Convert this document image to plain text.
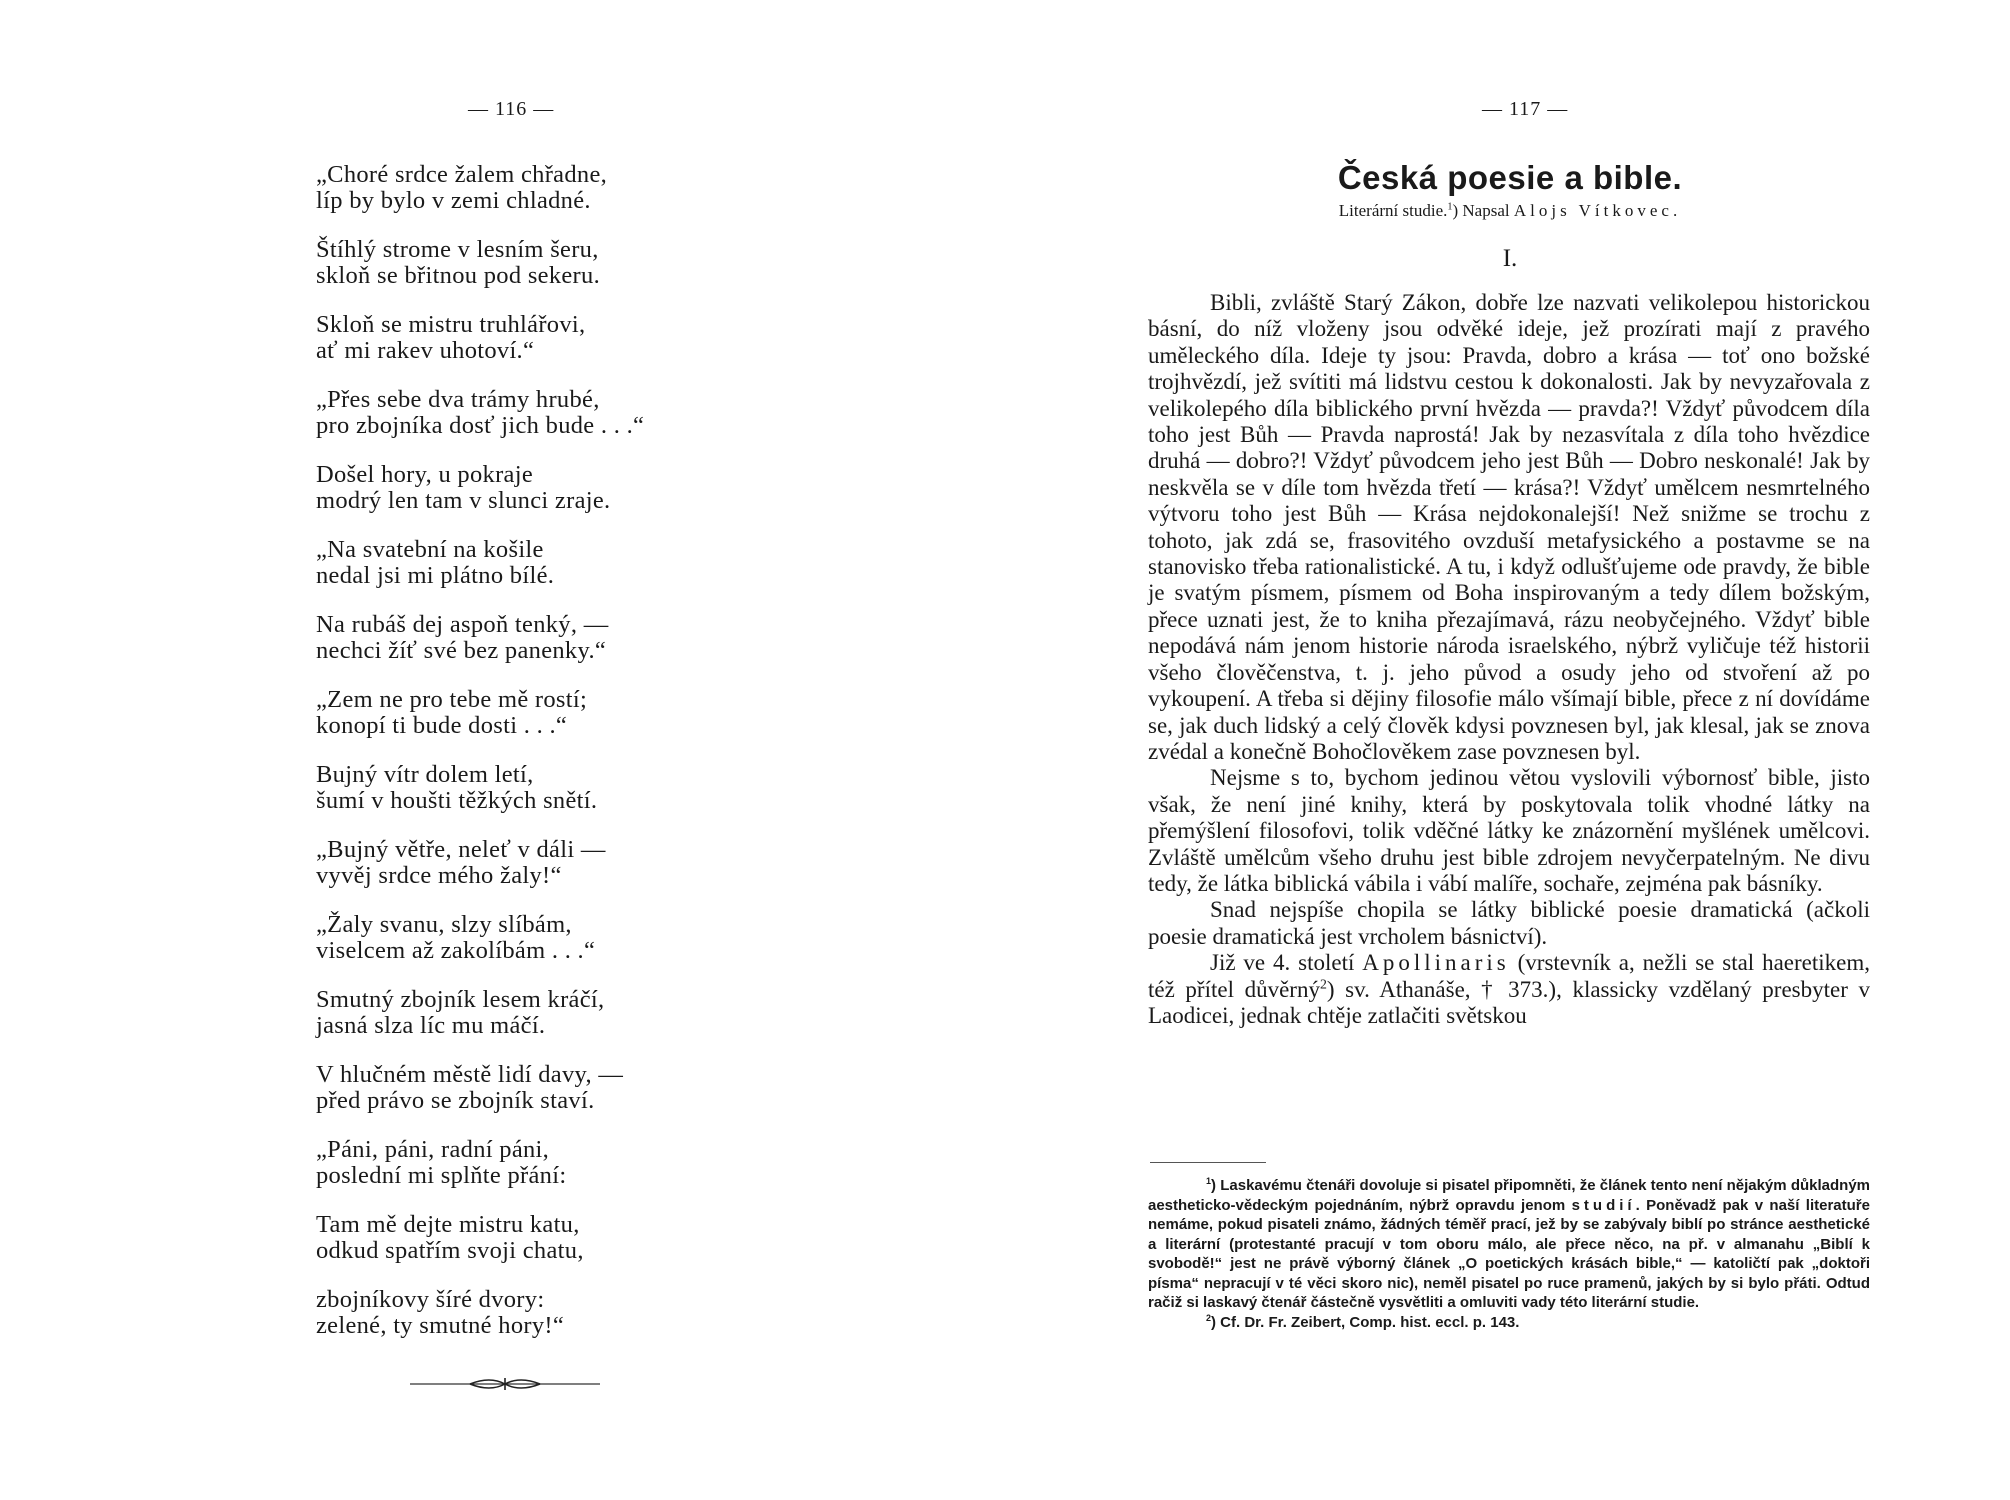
— 116 —
„Choré srdce žalem chřadne,
líp by bylo v zemi chladné.
Štíhlý strome v lesním šeru,
skloň se břitnou pod sekeru.
Skloň se mistru truhlářovi,
ať mi rakev uhotoví.“
„Přes sebe dva trámy hrubé,
pro zbojníka dosť jich bude . . .“
Došel hory, u pokraje
modrý len tam v slunci zraje.
„Na svatební na košile
nedal jsi mi plátno bílé.
Na rubáš dej aspoň tenký, —
nechci žíť své bez panenky.“
„Zem ne pro tebe mě rostí;
konopí ti bude dosti . . .“
Bujný vítr dolem letí,
šumí v houšti těžkých snětí.
„Bujný větře, neleť v dáli —
vyvěj srdce mého žaly!“
„Žaly svanu, slzy slíbám,
viselcem až zakolíbám . . .“
Smutný zbojník lesem kráčí,
jasná slza líc mu máčí.
V hlučném městě lidí davy, —
před právo se zbojník staví.
„Páni, páni, radní páni,
poslední mi splňte přání:
Tam mě dejte mistru katu,
odkud spatřím svoji chatu,
zbojníkovy šíré dvory:
zelené, ty smutné hory!“
— 117 —
Česká poesie a bible.
Literární studie.$^1$) Napsal Alojs Vítkovec.
I.

Bibli, zvláště Starý Zákon, dobře lze nazvati velikolepou historickou básní, do níž vloženy jsou odvěké ideje, jež prozírati mají z pravého uměleckého díla. Ideje ty jsou: Pravda, dobro a krása — toť ono božské trojhvězdí, jež svítiti má lidstvu cestou k dokonalosti. Jak by nevyzařovala z velikolepého díla biblického první hvězda — pravda?! Vždyť původcem díla toho jest Bůh — Pravda naprostá! Jak by nezasvítala z díla toho hvězdice druhá — dobro?! Vždyť původcem jeho jest Bůh — Dobro neskonalé! Jak by neskvěla se v díle tom hvězda třetí — krása?! Vždyť umělcem nesmrtelného výtvoru toho jest Bůh — Krása nejdokonalejší! Než snižme se trochu z tohoto, jak zdá se, frasovitého ovzduší metafysického a postavme se na stanovisko třeba rationalistické. A tu, i když odlušťujeme ode pravdy, že bible je svatým písmem, písmem od Boha inspirovaným a tedy dílem božským, přece uznati jest, že to kniha přezajímavá, rázu neobyčejného. Vždyť bible nepodává nám jenom historie národa israelského, nýbrž vyličuje též historii všeho člověčenstva, t. j. jeho původ a osudy jeho od stvoření až po vykoupení. A třeba si dějiny filosofie málo všímají bible, přece z ní dovídáme se, jak duch lidský a celý člověk kdysi povznesen byl, jak klesal, jak se znova zvédal a konečně Bohočlověkem zase povznesen byl.

Nejsme s to, bychom jedinou větou vyslovili výbornosť bible, jisto však, že není jiné knihy, která by poskytovala tolik vhodné látky na přemýšlení filosofovi, tolik vděčné látky ke znázornění myšlének umělcovi. Zvláště umělcům všeho druhu jest bible zdrojem nevyčerpatelným. Ne divu tedy, že látka biblická vábila i vábí malíře, sochaře, zejména pak básníky.

Snad nejspíše chopila se látky biblické poesie dramatická (ačkoli poesie dramatická jest vrcholem básnictví).

Již ve 4. století Apollinaris (vrstevník a, nežli se stal haeretikem, též přítel důvěrný$^2$) sv. Athanáše, † 373.), klassicky vzdělaný presbyter v Laodicei, jednak chtěje zatlačiti světskou

$^1$) Laskavému čtenáři dovoluje si pisatel připomněti, že článek tento není nějakým důkladným aestheticko-vědeckým pojednáním, nýbrž opravdu jenom studií. Poněvadž pak v naší literatuře nemáme, pokud pisateli známo, žádných téměř prací, jež by se zabývaly biblí po stránce aesthetické a literární (protestanté pracují v tom oboru málo, ale přece něco, na př. v almanahu „Biblí k svobodě!“ jest ne právě výborný článek „O poetických krásách bible,“ — katoličtí pak „doktoři písma“ nepracují v té věci skoro nic), neměl pisatel po ruce pramenů, jakých by si bylo přáti. Odtud račiž si laskavý čtenář částečně vysvětliti a omluviti vady této literární studie.

$^2$) Cf. Dr. Fr. Zeibert, Comp. hist. eccl. p. 143.
